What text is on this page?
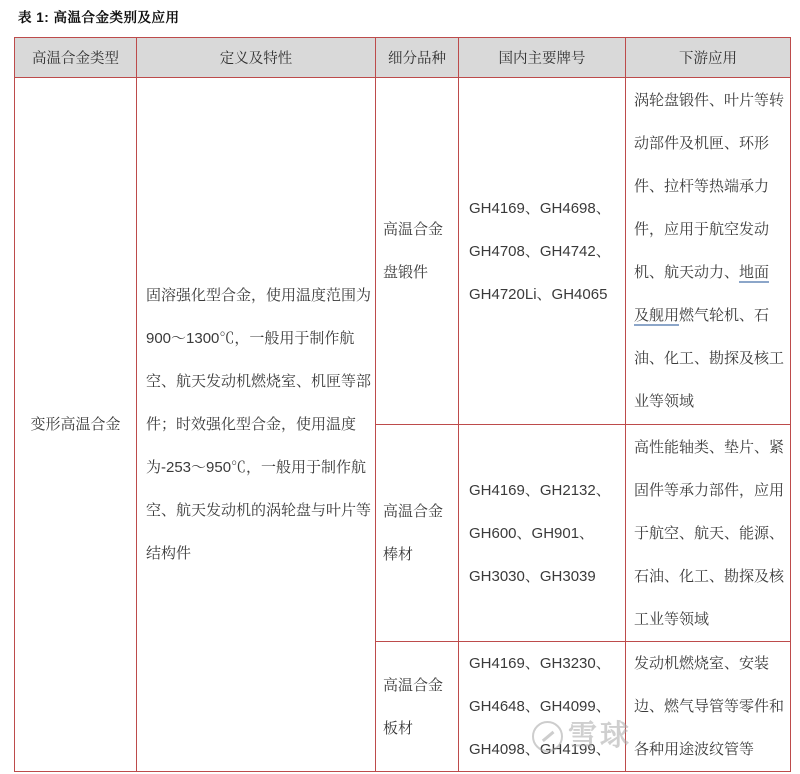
表 1: 高温合金类别及应用
高温合金类型	定义及特性	细分品种	国内主要牌号	下游应用
变形高温合金	固溶强化型合金，使用温度范围为900～1300℃，一般用于制作航空、航天发动机燃烧室、机匣等部件；时效强化型合金，使用温度为-253～950℃，一般用于制作航空、航天发动机的涡轮盘与叶片等结构件	高温合金盘锻件	GH4169、GH4698、GH4708、GH4742、GH4720Li、GH4065	涡轮盘锻件、叶片等转动部件及机匣、环形件、拉杆等热端承力件，应用于航空发动机、航天动力、地面及舰用燃气轮机、石油、化工、勘探及核工业等领域
		高温合金棒材	GH4169、GH2132、GH600、GH901、GH3030、GH3039	高性能轴类、垫片、紧固件等承力部件，应用于航空、航天、能源、石油、化工、勘探及核工业等领域
		高温合金板材	GH4169、GH3230、GH4648、GH4099、GH4098、GH4199、	发动机燃烧室、安装边、燃气导管等零件和各种用途波纹管等
雪球
